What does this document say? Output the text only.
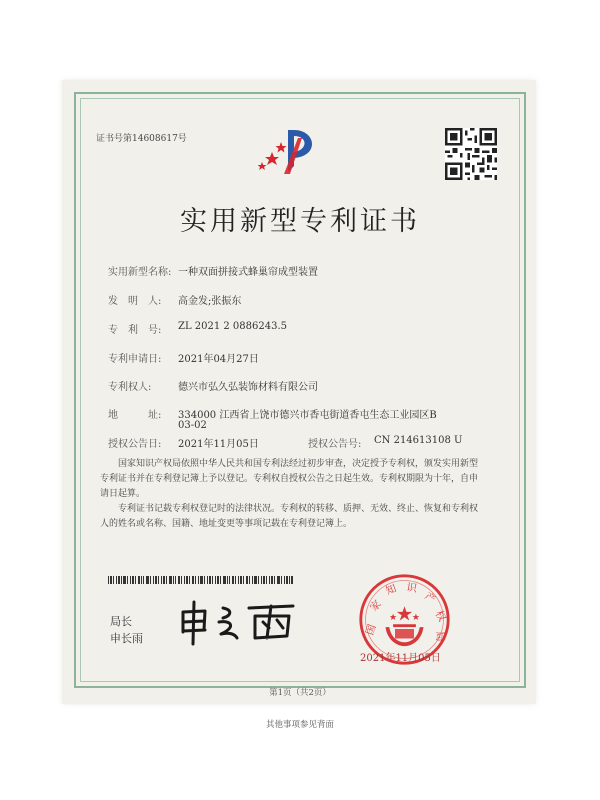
证书号第14608617号
实用新型专利证书
实用新型名称: 一种双面拼接式蜂巢帘成型装置
发　明　人: 高金发;张振东
专　利　号: ZL 2021 2 0886243.5
专利申请日: 2021年04月27日
专利权人:	德兴市弘久弘装饰材料有限公司
地　　　址: 334000 江西省上饶市德兴市香屯街道香屯生态工业园区B
03-02
授权公告日: 2021年11月05日	授权公告号: CN 214613108 U

国家知识产权局依照中华人民共和国专利法经过初步审查，决定授予专利权，颁发实用新型专利证书并在专利登记簿上予以登记。专利权自授权公告之日起生效。专利权期限为十年，自申请日起算。

专利证书记载专利权登记时的法律状况。专利权的转移、质押、无效、终止、恢复和专利权人的姓名或名称、国籍、地址变更等事项记载在专利登记簿上。

局长
申长雨
国
家
知 识
产
权
局
2021年11月05日
第1页（共2页）
其他事项参见背面
